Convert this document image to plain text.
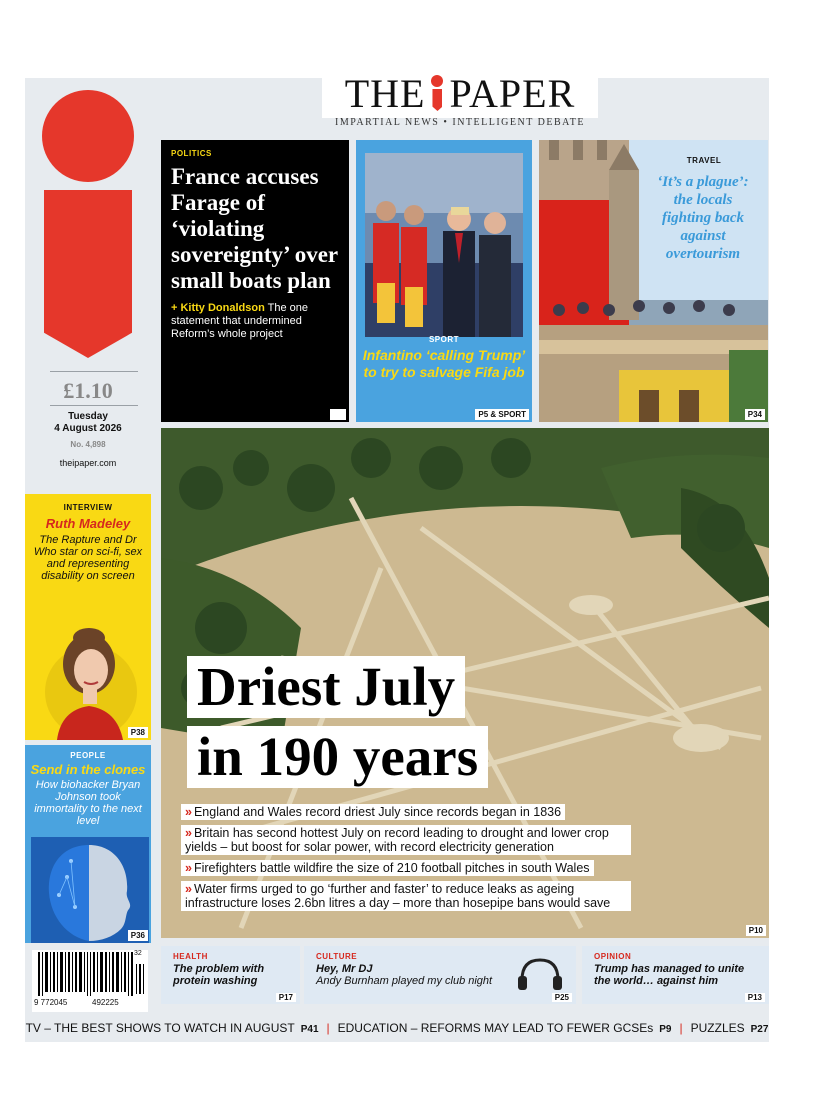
THE PAPER
IMPARTIAL NEWS • INTELLIGENT DEBATE
£1.10
Tuesday
4 August 2026
No. 4,898
theipaper.com
INTERVIEW
Ruth Madeley
The Rapture and Dr Who star on sci-fi, sex and representing disability on screen
P38
PEOPLE
Send in the clones
How biohacker Bryan Johnson took immortality to the next level
P36
32
9 772045	492225
POLITICS
France accuses Farage of ‘violating sovereignty’ over small boats plan
+ Kitty Donaldson The one statement that undermined Reform’s whole project
P6
SPORT
Infantino ‘calling Trump’ to try to salvage Fifa job
P5 & SPORT
TRAVEL
‘It’s a plague’: the locals fighting back against overtourism
P34
Driest July
in 190 years
» England and Wales record driest July since records began in 1836
» Britain has second hottest July on record leading to drought and lower crop yields – but boost for solar power, with record electricity generation
» Firefighters battle wildfire the size of 210 football pitches in south Wales
» Water firms urged to go ‘further and faster’ to reduce leaks as ageing infrastructure loses 2.6bn litres a day – more than hosepipe bans would save
P10
HEALTH
The problem with protein washing
P17
CULTURE
Hey, Mr DJ
Andy Burnham played my club night
P25
OPINION
Trump has managed to unite the world… against him
P13
TV – THE BEST SHOWS TO WATCH IN AUGUST P41 | EDUCATION – REFORMS MAY LEAD TO FEWER GCSEs P9 | PUZZLES P27
